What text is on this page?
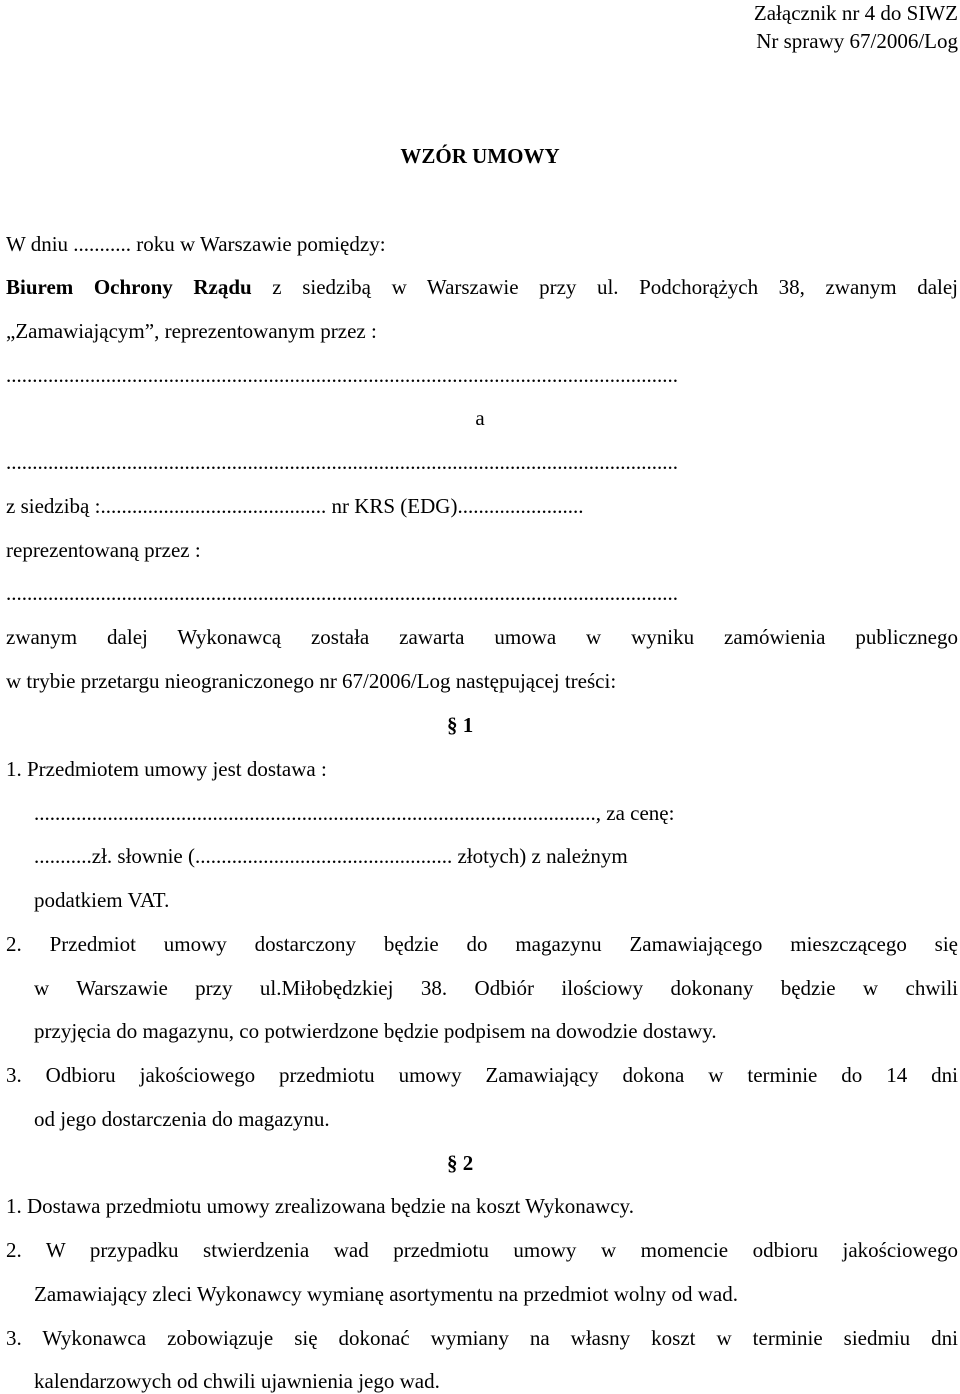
Załącznik nr 4 do SIWZ
Nr sprawy 67/2006/Log
WZÓR UMOWY
W dniu ........... roku w Warszawie pomiędzy:
Biurem Ochrony Rządu z siedzibą w Warszawie przy ul. Podchorążych 38, zwanym dalej
„Zamawiającym”, reprezentowanym przez :
................................................................................................................................
a
................................................................................................................................
z siedzibą :........................................... nr KRS (EDG)........................
reprezentowaną przez :
................................................................................................................................
zwanym dalej Wykonawcą została zawarta umowa w wyniku zamówienia publicznego
w trybie przetargu nieograniczonego nr 67/2006/Log następującej treści:
§ 1
1. Przedmiotem umowy jest dostawa :
..........................................................................................................., za cenę:
...........zł. słownie (................................................. złotych) z należnym
podatkiem VAT.
2. Przedmiot umowy dostarczony będzie do magazynu Zamawiającego mieszczącego się
w Warszawie przy ul.Miłobędzkiej 38. Odbiór ilościowy dokonany będzie w chwili
przyjęcia do magazynu, co potwierdzone będzie podpisem na dowodzie dostawy.
3. Odbioru jakościowego przedmiotu umowy Zamawiający dokona w terminie do 14 dni
od jego dostarczenia do magazynu.
§ 2
1. Dostawa przedmiotu umowy zrealizowana będzie na koszt Wykonawcy.
2. W przypadku stwierdzenia wad przedmiotu umowy w momencie odbioru jakościowego
Zamawiający zleci Wykonawcy wymianę asortymentu na przedmiot wolny od wad.
3. Wykonawca zobowiązuje się dokonać wymiany na własny koszt w terminie siedmiu dni
kalendarzowych od chwili ujawnienia jego wad.
